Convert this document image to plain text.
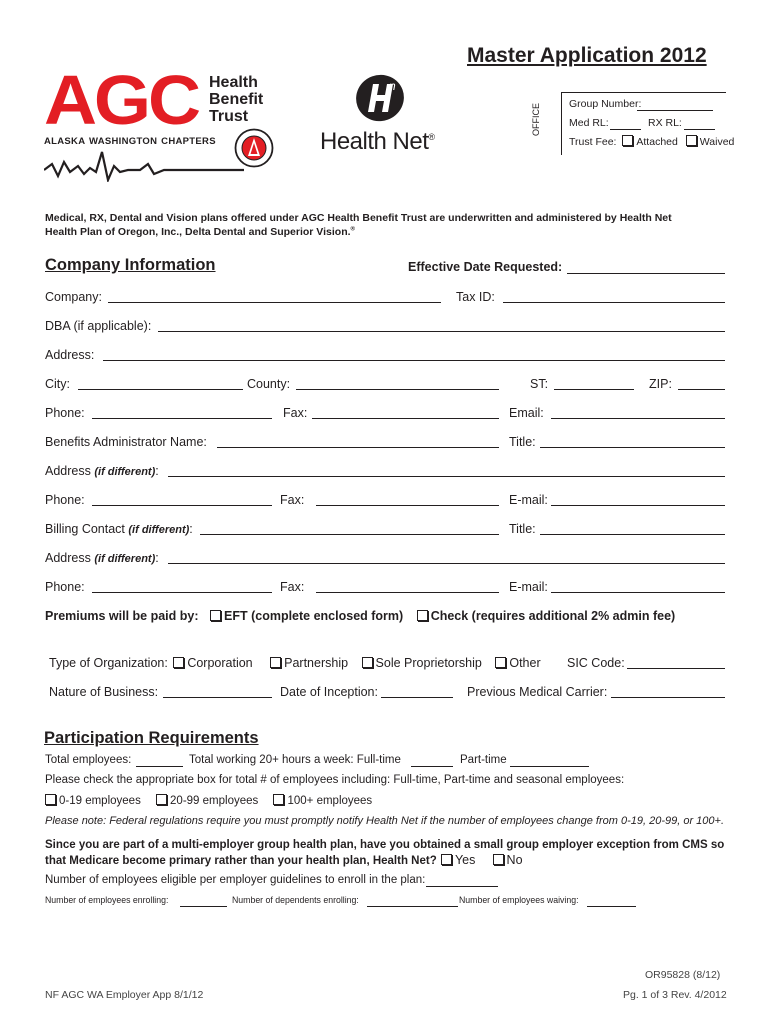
Master Application 2012
AGC Health
Benefit
Trust
ALASKA WASHINGTON CHAPTERS
n
Health Net®
OFFICE	Group Number:
Med RL:	RX RL:
Trust Fee: Attached Waived
Medical, RX, Dental and Vision plans offered under AGC Health Benefit Trust are underwritten and administered by Health Net
Health Plan of Oregon, Inc., Delta Dental and Superior Vision.®
Company Information	Effective Date Requested:
Company:	Tax ID:
DBA (if applicable):
Address:
City:	County:	ST:	ZIP:
Phone:	Fax:	Email:
Benefits Administrator Name:	Title:
Address (if different):
Phone:	Fax:	E-mail:
Billing Contact (if different):	Title:
Address (if different):
Phone:	Fax:	E-mail:
Premiums will be paid by: EFT (complete enclosed form) Check (requires additional 2% admin fee)
Type of Organization: Corporation	Partnership Sole Proprietorship Other SIC Code:
Nature of Business:	Date of Inception:	Previous Medical Carrier:
Participation Requirements
Total employees:	Total working 20+ hours a week: Full-time	Part-time
Please check the appropriate box for total # of employees including: Full-time, Part-time and seasonal employees:
0-19 employees	20-99 employees	100+ employees
Please note: Federal regulations require you must promptly notify Health Net if the number of employees change from 0-19, 20-99, or 100+.
Since you are part of a multi-employer group health plan, have you obtained a small group employer exception from CMS so
that Medicare become primary rather than your health plan, Health Net? Yes No
Number of employees eligible per employer guidelines to enroll in the plan:
Number of employees enrolling:	Number of dependents enrolling:	Number of employees waiving:
OR95828 (8/12)
NF AGC WA Employer App 8/1/12	Pg. 1 of 3 Rev. 4/2012
